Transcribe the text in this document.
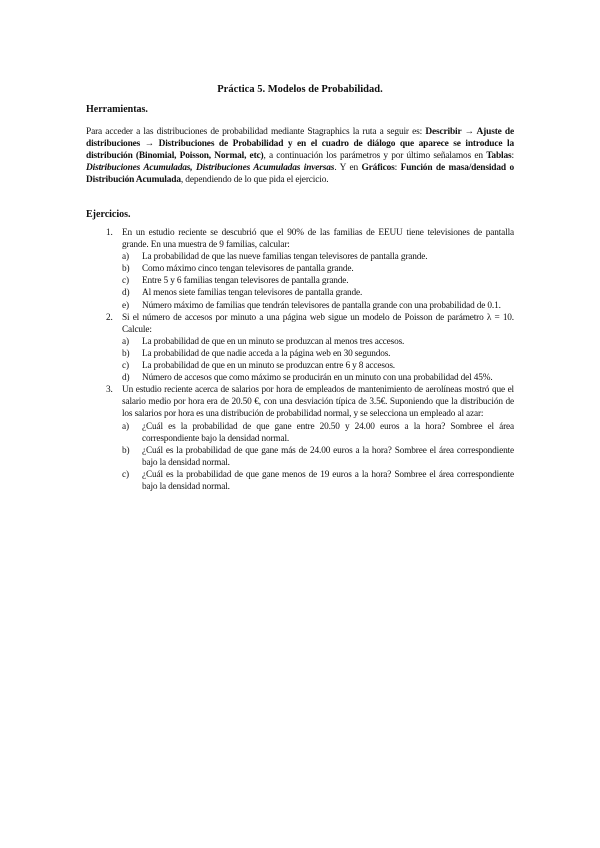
Práctica 5. Modelos de Probabilidad.
Herramientas.
Para acceder a las distribuciones de probabilidad mediante Stagraphics la ruta a seguir es: Describir → Ajuste de distribuciones → Distribuciones de Probabilidad y en el cuadro de diálogo que aparece se introduce la distribución (Binomial, Poisson, Normal, etc), a continuación los parámetros y por último señalamos en Tablas: Distribuciones Acumuladas, Distribuciones Acumuladas inversas. Y en Gráficos: Función de masa/densidad o Distribución Acumulada, dependiendo de lo que pida el ejercicio.
Ejercicios.
1. En un estudio reciente se descubrió que el 90% de las familias de EEUU tiene televisiones de pantalla grande. En una muestra de 9 familias, calcular:
a) La probabilidad de que las nueve familias tengan televisores de pantalla grande.
b) Como máximo cinco tengan televisores de pantalla grande.
c) Entre 5 y 6 familias tengan televisores de pantalla grande.
d) Al menos siete familias tengan televisores de pantalla grande.
e) Número máximo de familias que tendrán televisores de pantalla grande con una probabilidad de 0.1.
2. Si el número de accesos por minuto a una página web sigue un modelo de Poisson de parámetro λ = 10. Calcule:
a) La probabilidad de que en un minuto se produzcan al menos tres accesos.
b) La probabilidad de que nadie acceda a la página web en 30 segundos.
c) La probabilidad de que en un minuto se produzcan entre 6 y 8 accesos.
d) Número de accesos que como máximo se producirán en un minuto con una probabilidad del 45%.
3. Un estudio reciente acerca de salarios por hora de empleados de mantenimiento de aerolíneas mostró que el salario medio por hora era de 20.50 €, con una desviación típica de 3.5€. Suponiendo que la distribución de los salarios por hora es una distribución de probabilidad normal, y se selecciona un empleado al azar:
a) ¿Cuál es la probabilidad de que gane entre 20.50 y 24.00 euros a la hora? Sombree el área correspondiente bajo la densidad normal.
b) ¿Cuál es la probabilidad de que gane más de 24.00 euros a la hora? Sombree el área correspondiente bajo la densidad normal.
c) ¿Cuál es la probabilidad de que gane menos de 19 euros a la hora? Sombree el área correspondiente bajo la densidad normal.
